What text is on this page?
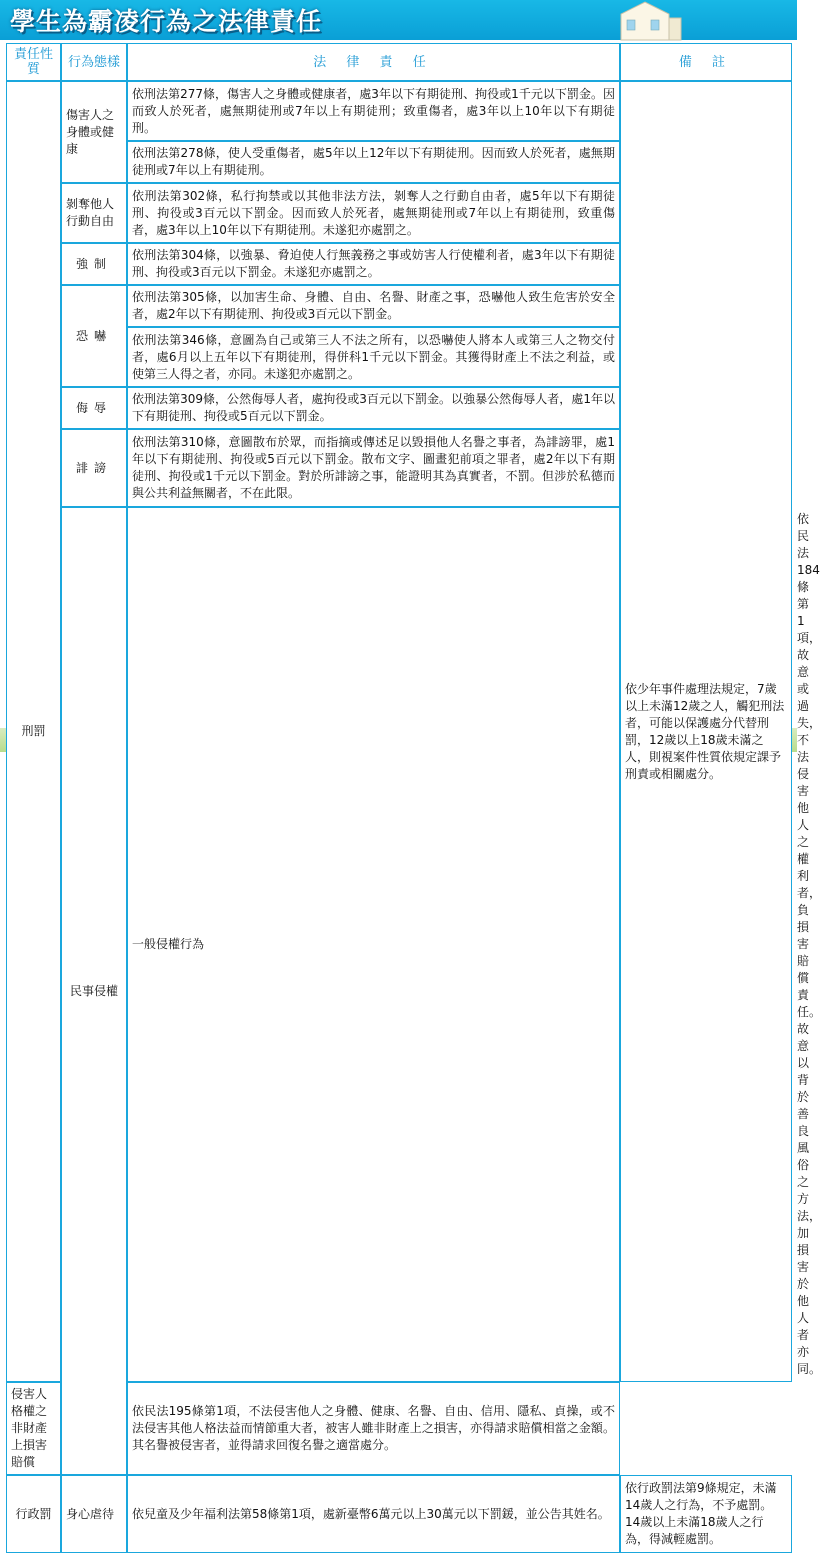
學生為霸凌行為之法律責任
責任性質	行為態樣	法 律 責 任	備 註	
刑罰	傷害人之身體或健康	依刑法第277條，傷害人之身體或健康者，處3年以下有期徒刑、拘役或1千元以下罰金。因而致人於死者，處無期徒刑或7年以上有期徒刑；致重傷者，處3年以上10年以下有期徒刑。	依少年事件處理法規定，7歲以上未滿12歲之人，觸犯刑法者，可能以保護處分代替刑罰，12歲以上18歲未滿之人，則視案件性質依規定課予刑責或相關處分。	
		依刑法第278條，使人受重傷者，處5年以上12年以下有期徒刑。因而致人於死者，處無期徒刑或7年以上有期徒刑。		
	剝奪他人行動自由	依刑法第302條，私行拘禁或以其他非法方法，剝奪人之行動自由者，處5年以下有期徒刑、拘役或3百元以下罰金。因而致人於死者，處無期徒刑或7年以上有期徒刑，致重傷者，處3年以上10年以下有期徒刑。未遂犯亦處罰之。		
	強制	依刑法第304條，以強暴、脅迫使人行無義務之事或妨害人行使權利者，處3年以下有期徒刑、拘役或3百元以下罰金。未遂犯亦處罰之。		
	恐嚇	依刑法第305條，以加害生命、身體、自由、名譽、財產之事，恐嚇他人致生危害於安全者，處2年以下有期徒刑、拘役或3百元以下罰金。		
		依刑法第346條，意圖為自己或第三人不法之所有，以恐嚇使人將本人或第三人之物交付者，處6月以上五年以下有期徒刑，得併科1千元以下罰金。其獲得財產上不法之利益，或使第三人得之者，亦同。未遂犯亦處罰之。		
	侮辱	依刑法第309條，公然侮辱人者，處拘役或3百元以下罰金。以強暴公然侮辱人者，處1年以下有期徒刑、拘役或5百元以下罰金。		
	誹謗	依刑法第310條，意圖散布於眾，而指摘或傳述足以毀損他人名譽之事者，為誹謗罪，處1年以下有期徒刑、拘役或5百元以下罰金。散布文字、圖畫犯前項之罪者，處2年以下有期徒刑、拘役或1千元以下罰金。對於所誹謗之事，能證明其為真實者，不罰。但涉於私德而與公共利益無關者，不在此限。		
	民事侵權	一般侵權行為		依民法184條第1項，故意或過失，不法侵害他人之權利者，負損害賠償責任。故意以背於善良風俗之方法，加損害於他人者亦同。	
侵害人格權之非財產上損害賠償		依民法195條第1項，不法侵害他人之身體、健康、名譽、自由、信用、隱私、貞操，或不法侵害其他人格法益而情節重大者，被害人雖非財產上之損害，亦得請求賠償相當之金額。其名譽被侵害者，並得請求回復名譽之適當處分。		
行政罰	身心虐待	依兒童及少年福利法第58條第1項，處新臺幣6萬元以上30萬元以下罰鍰，並公告其姓名。	依行政罰法第9條規定，未滿14歲人之行為，不予處罰。14歲以上未滿18歲人之行為，得減輕處罰。	
